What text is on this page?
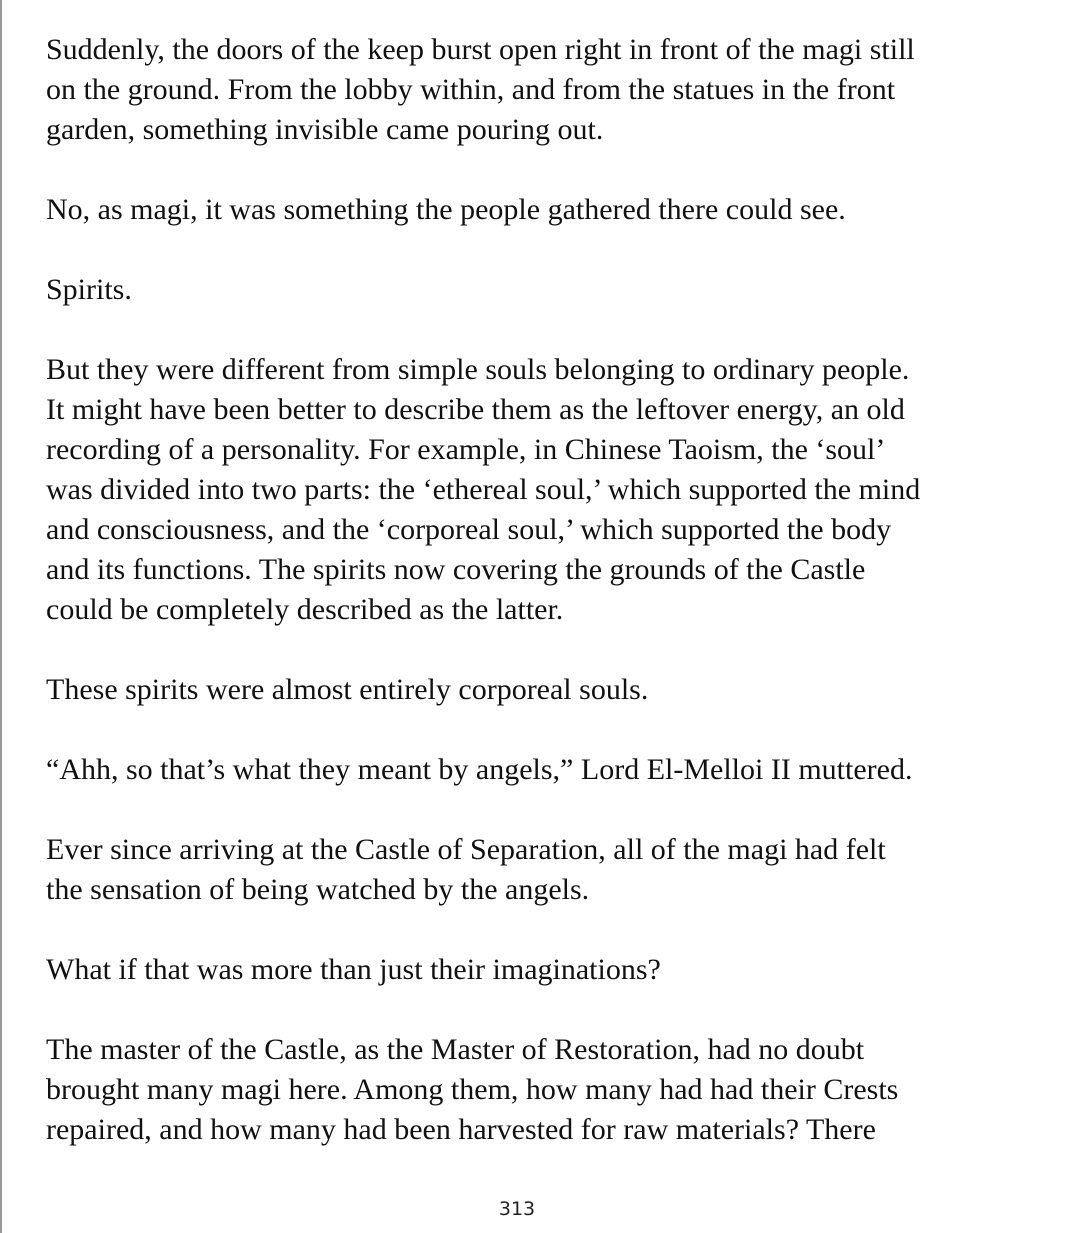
Suddenly, the doors of the keep burst open right in front of the magi still
on the ground. From the lobby within, and from the statues in the front
garden, something invisible came pouring out.

No, as magi, it was something the people gathered there could see.

Spirits.

But they were different from simple souls belonging to ordinary people.
It might have been better to describe them as the leftover energy, an old
recording of a personality. For example, in Chinese Taoism, the ‘soul’
was divided into two parts: the ‘ethereal soul,’ which supported the mind
and consciousness, and the ‘corporeal soul,’ which supported the body
and its functions. The spirits now covering the grounds of the Castle
could be completely described as the latter.

These spirits were almost entirely corporeal souls.

“Ahh, so that’s what they meant by angels,” Lord El-Melloi II muttered.

Ever since arriving at the Castle of Separation, all of the magi had felt
the sensation of being watched by the angels.

What if that was more than just their imaginations?

The master of the Castle, as the Master of Restoration, had no doubt
brought many magi here. Among them, how many had had their Crests
repaired, and how many had been harvested for raw materials? There

313
